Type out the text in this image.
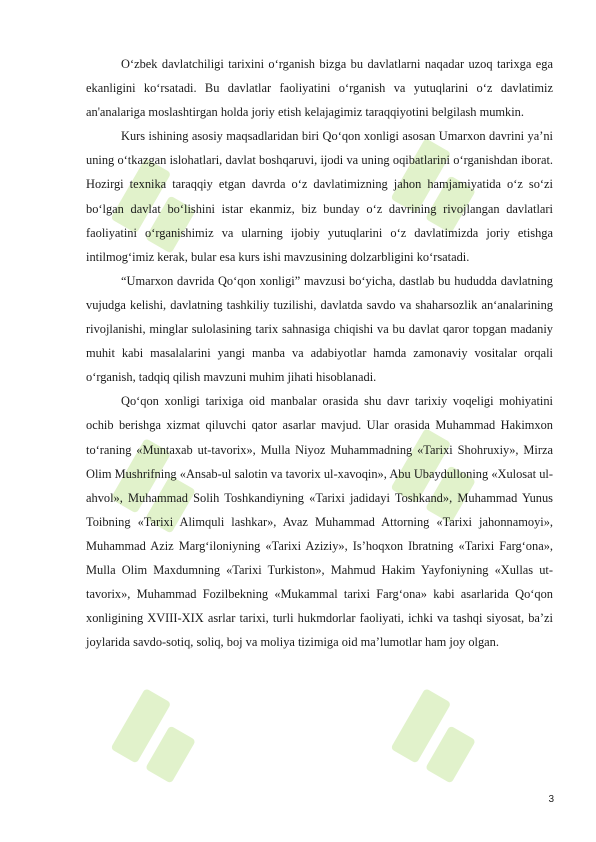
O‘zbek davlatchiligi tarixini o‘rganish bizga bu davlatlarni naqadar uzoq tarixga ega ekanligini ko‘rsatadi. Bu davlatlar faoliyatini o‘rganish va yutuqlarini o‘z davlatimiz an'analariga moslashtirgan holda joriy etish kelajagimiz taraqqiyotini belgilash mumkin.

Kurs ishining asosiy maqsadlaridan biri Qo‘qon xonligi asosan Umarxon davrini ya’ni uning o‘tkazgan islohatlari, davlat boshqaruvi, ijodi va uning oqibatlarini o‘rganishdan iborat. Hozirgi texnika taraqqiy etgan davrda o‘z davlatimizning jahon hamjamiyatida o‘z so‘zi bo‘lgan davlat bo‘lishini istar ekanmiz, biz bunday o‘z davrining rivojlangan davlatlari faoliyatini o‘rganishimiz va ularning ijobiy yutuqlarini o‘z davlatimizda joriy etishga intilmog‘imiz kerak, bular esa kurs ishi mavzusining dolzarbligini ko‘rsatadi.

“Umarxon davrida Qo‘qon xonligi” mavzusi bo‘yicha, dastlab bu hududda davlatning vujudga kelishi, davlatning tashkiliy tuzilishi, davlatda savdo va shaharsozlik an‘analarining rivojlanishi, minglar sulolasining tarix sahnasiga chiqishi va bu davlat qaror topgan madaniy muhit kabi masalalarini yangi manba va adabiyotlar hamda zamonaviy vositalar orqali o‘rganish, tadqiq qilish mavzuni muhim jihati hisoblanadi.

Qo‘qon xonligi tarixiga oid manbalar orasida shu davr tarixiy voqeligi mohiyatini ochib berishga xizmat qiluvchi qator asarlar mavjud. Ular orasida Muhammad Hakimxon to‘raning «Muntaxab ut-tavorix», Mulla Niyoz Muhammadning «Tarixi Shohruxiy», Mirza Olim Mushrifning «Ansab-ul salotin va tavorix ul-xavoqin», Abu Ubaydulloning «Xulosat ul-ahvol», Muhammad Solih Toshkandiyning «Tarixi jadidayi Toshkand», Muhammad Yunus Toibning «Tarixi Alimquli lashkar», Avaz Muhammad Attorning «Tarixi jahonnamoyi», Muhammad Aziz Marg‘iloniyning «Tarixi Aziziy», Is’hoqxon Ibratning «Tarixi Farg‘ona», Mulla Olim Maxdumning «Tarixi Turkiston», Mahmud Hakim Yayfoniyning «Xullas ut-tavorix», Muhammad Fozilbekning «Mukammal tarixi Farg‘ona» kabi asarlarida Qo‘qon xonligining XVIII-XIX asrlar tarixi, turli hukmdorlar faoliyati, ichki va tashqi siyosat, ba’zi joylarida savdo-sotiq, soliq, boj va moliya tizimiga oid ma’lumotlar ham joy olgan.

3
